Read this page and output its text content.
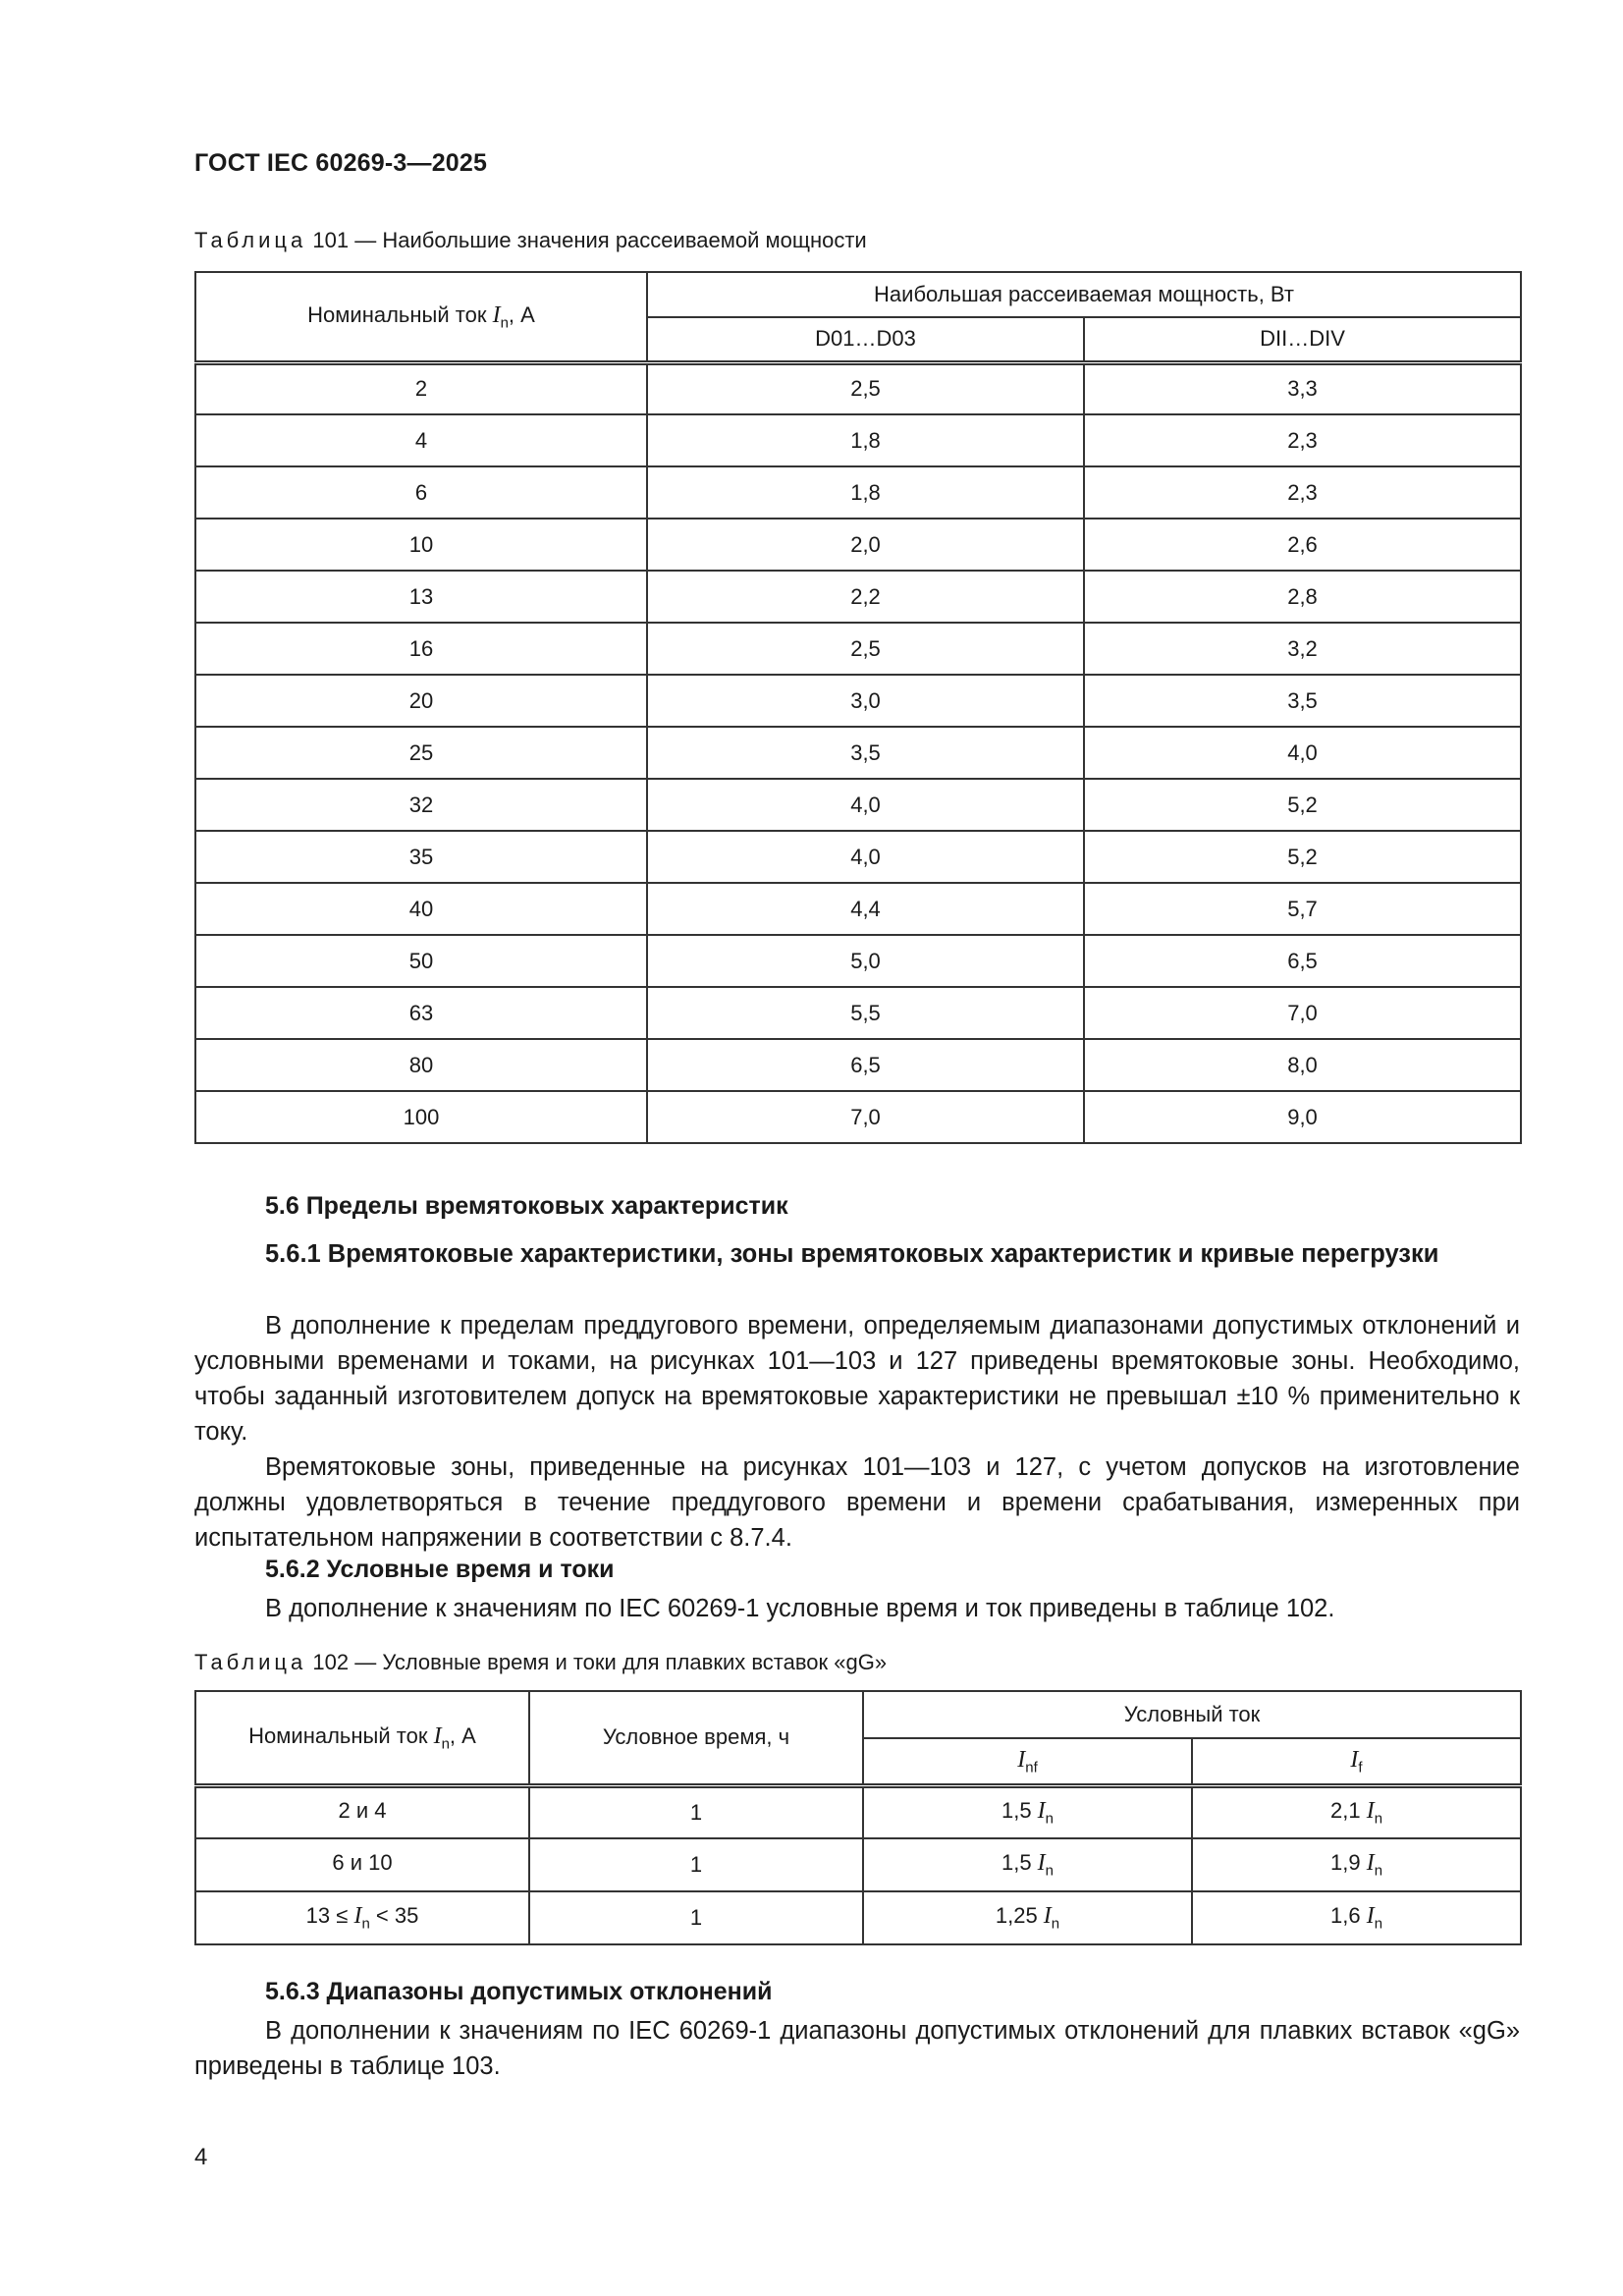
ГОСТ IEC 60269-3—2025
Таблица 101 — Наибольшие значения рассеиваемой мощности
Номинальный ток $I_n$, А	Наибольшая рассеиваемая мощность, Вт	
	D01…D03	DII…DIV
2	2,5	3,3
4	1,8	2,3
6	1,8	2,3
10	2,0	2,6
13	2,2	2,8
16	2,5	3,2
20	3,0	3,5
25	3,5	4,0
32	4,0	5,2
35	4,0	5,2
40	4,4	5,7
50	5,0	6,5
63	5,5	7,0
80	6,5	8,0
100	7,0	9,0
5.6 Пределы времятоковых характеристик
5.6.1 Времятоковые характеристики, зоны времятоковых характеристик и кривые перегрузки
В дополнение к пределам преддугового времени, определяемым диапазонами допустимых отклонений и условными временами и токами, на рисунках 101—103 и 127 приведены времятоковые зоны. Необходимо, чтобы заданный изготовителем допуск на времятоковые характеристики не превышал ±10 % применительно к току.
Времятоковые зоны, приведенные на рисунках 101—103 и 127, с учетом допусков на изготовление должны удовлетворяться в течение преддугового времени и времени срабатывания, измеренных при испытательном напряжении в соответствии с 8.7.4.
5.6.2 Условные время и токи
В дополнение к значениям по IEC 60269-1 условные время и ток приведены в таблице 102.
Таблица 102 — Условные время и токи для плавких вставок «gG»
Номинальный ток $I_n$, А	Условное время, ч	Условный ток	
		$I_{nf}$	$I_f$
2 и 4	1	1,5 $I_n$	2,1 $I_n$
6 и 10	1	1,5 $I_n$	1,9 $I_n$
$13 \le I_n < 35$	1	1,25 $I_n$	1,6 $I_n$
5.6.3 Диапазоны допустимых отклонений
В дополнении к значениям по IEC 60269-1 диапазоны допустимых отклонений для плавких вставок «gG» приведены в таблице 103.
4
